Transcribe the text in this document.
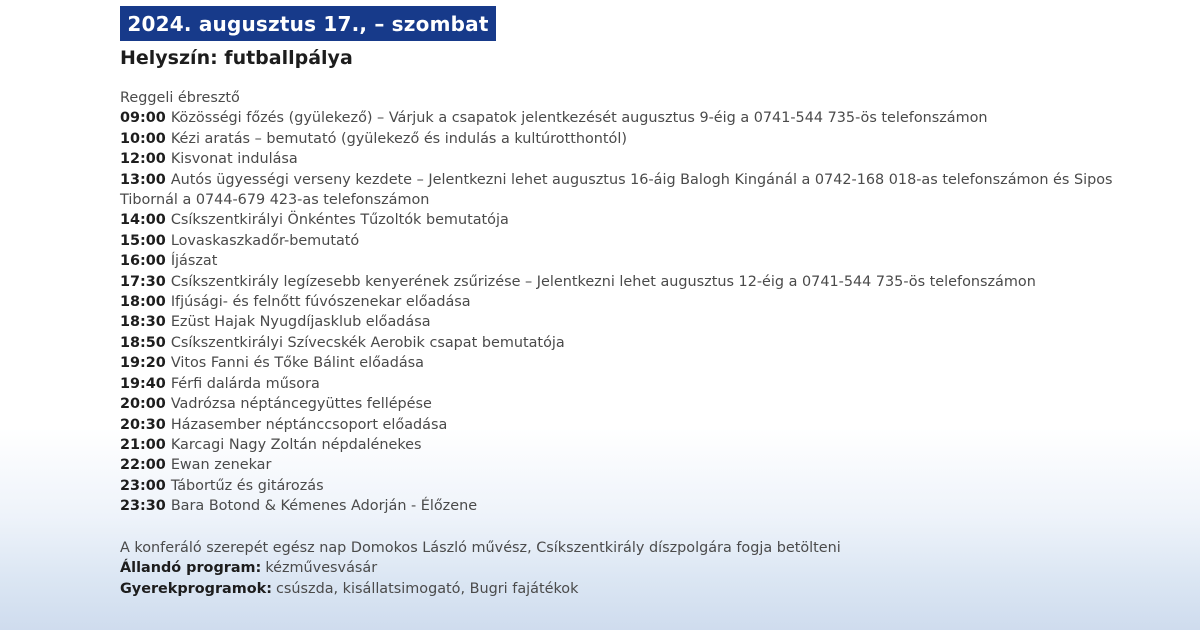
2024. augusztus 17., – szombat
Helyszín: futballpálya
Reggeli ébresztő
09:00 Közösségi főzés (gyülekező) – Várjuk a csapatok jelentkezését augusztus 9-éig a 0741-544 735-ös telefonszámon
10:00 Kézi aratás – bemutató (gyülekező és indulás a kultúrotthontól)
12:00 Kisvonat indulása
13:00 Autós ügyességi verseny kezdete – Jelentkezni lehet augusztus 16-áig Balogh Kingánál a 0742-168 018-as telefonszámon és Sipos Tibornál a 0744-679 423-as telefonszámon
14:00 Csíkszentkirályi Önkéntes Tűzoltók bemutatója
15:00 Lovaskaszkadőr-bemutató
16:00 Íjászat
17:30 Csíkszentkirály legízesebb kenyerének zsűrizése – Jelentkezni lehet augusztus 12-éig a 0741-544 735-ös telefonszámon
18:00 Ifjúsági- és felnőtt fúvószenekar előadása
18:30 Ezüst Hajak Nyugdíjasklub előadása
18:50 Csíkszentkirályi Szívecskék Aerobik csapat bemutatója
19:20 Vitos Fanni és Tőke Bálint előadása
19:40 Férfi dalárda műsora
20:00 Vadrózsa néptáncegyüttes fellépése
20:30 Házasember néptánccsoport előadása
21:00 Karcagi Nagy Zoltán népdalénekes
22:00 Ewan zenekar
23:00 Tábortűz és gitározás
23:30 Bara Botond & Kémenes Adorján - Élőzene
A konferáló szerepét egész nap Domokos László művész, Csíkszentkirály díszpolgára fogja betölteni
Állandó program: kézművesvásár
Gyerekprogramok: csúszda, kisállatsimogató, Bugri fajátékok
